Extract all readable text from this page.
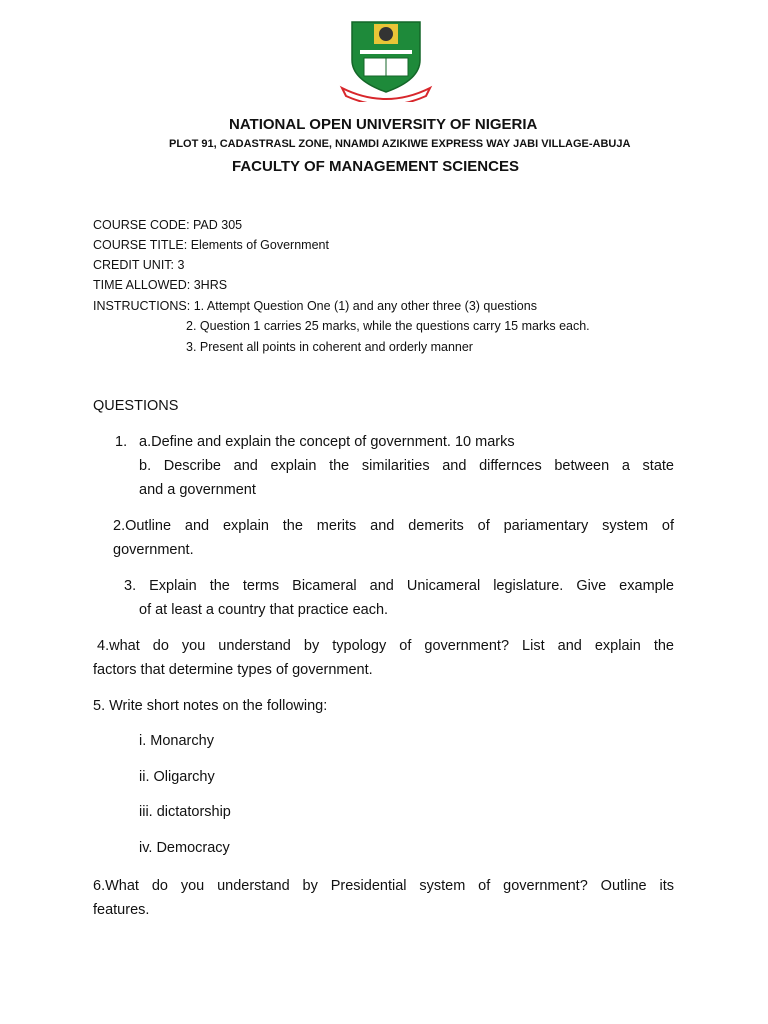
NATIONAL OPEN UNIVERSITY OF NIGERIA
PLOT 91, CADASTRASL ZONE, NNAMDI AZIKIWE EXPRESS WAY JABI VILLAGE-ABUJA
FACULTY OF MANAGEMENT SCIENCES
COURSE CODE: PAD 305
COURSE TITLE: Elements of Government
CREDIT UNIT: 3
TIME ALLOWED: 3HRS
INSTRUCTIONS: 1. Attempt Question One (1) and any other three (3) questions
2. Question 1 carries 25 marks, while the questions carry 15 marks each.
3. Present all points in coherent and orderly manner
QUESTIONS
1. a.Define and explain the concept of government. 10 marks
b. Describe and explain the similarities and differnces between a state
and a government
2.Outline and explain the merits and demerits of pariamentary system of
government.
3. Explain the terms Bicameral and Unicameral legislature. Give example
of at least a country that practice each.
4.what do you understand by typology of government? List and explain the
factors that determine types of government.
5. Write short notes on the following:
i. Monarchy
ii. Oligarchy
iii. dictatorship
iv. Democracy
6.What do you understand by Presidential system of government? Outline its
features.
